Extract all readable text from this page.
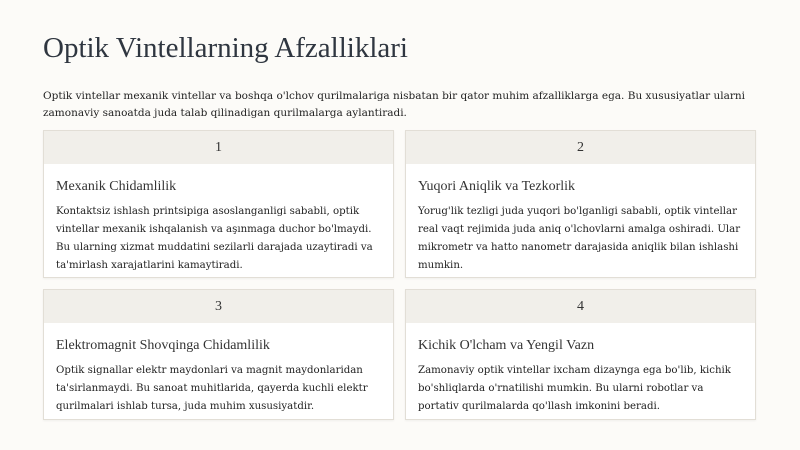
Optik Vintellarning Afzalliklari

Optik vintellar mexanik vintellar va boshqa o'lchov qurilmalariga nisbatan bir qator muhim afzalliklarga ega. Bu xususiyatlar ularni zamonaviy sanoatda juda talab qilinadigan qurilmalarga aylantiradi.

1
Mexanik Chidamlilik
Kontaktsiz ishlash printsipiga asoslanganligi sababli, optik vintellar mexanik ishqalanish va aşınmaga duchor bo'lmaydi. Bu ularning xizmat muddatini sezilarli darajada uzaytiradi va ta'mirlash xarajatlarini kamaytiradi.
2
Yuqori Aniqlik va Tezkorlik
Yorug'lik tezligi juda yuqori bo'lganligi sababli, optik vintellar real vaqt rejimida juda aniq o'lchovlarni amalga oshiradi. Ular mikrometr va hatto nanometr darajasida aniqlik bilan ishlashi mumkin.
3
Elektromagnit Shovqinga Chidamlilik
Optik signallar elektr maydonlari va magnit maydonlaridan ta'sirlanmaydi. Bu sanoat muhitlarida, qayerda kuchli elektr qurilmalari ishlab tursa, juda muhim xususiyatdir.
4
Kichik O'lcham va Yengil Vazn
Zamonaviy optik vintellar ixcham dizaynga ega bo'lib, kichik bo'shliqlarda o'rnatilishi mumkin. Bu ularni robotlar va portativ qurilmalarda qo'llash imkonini beradi.
